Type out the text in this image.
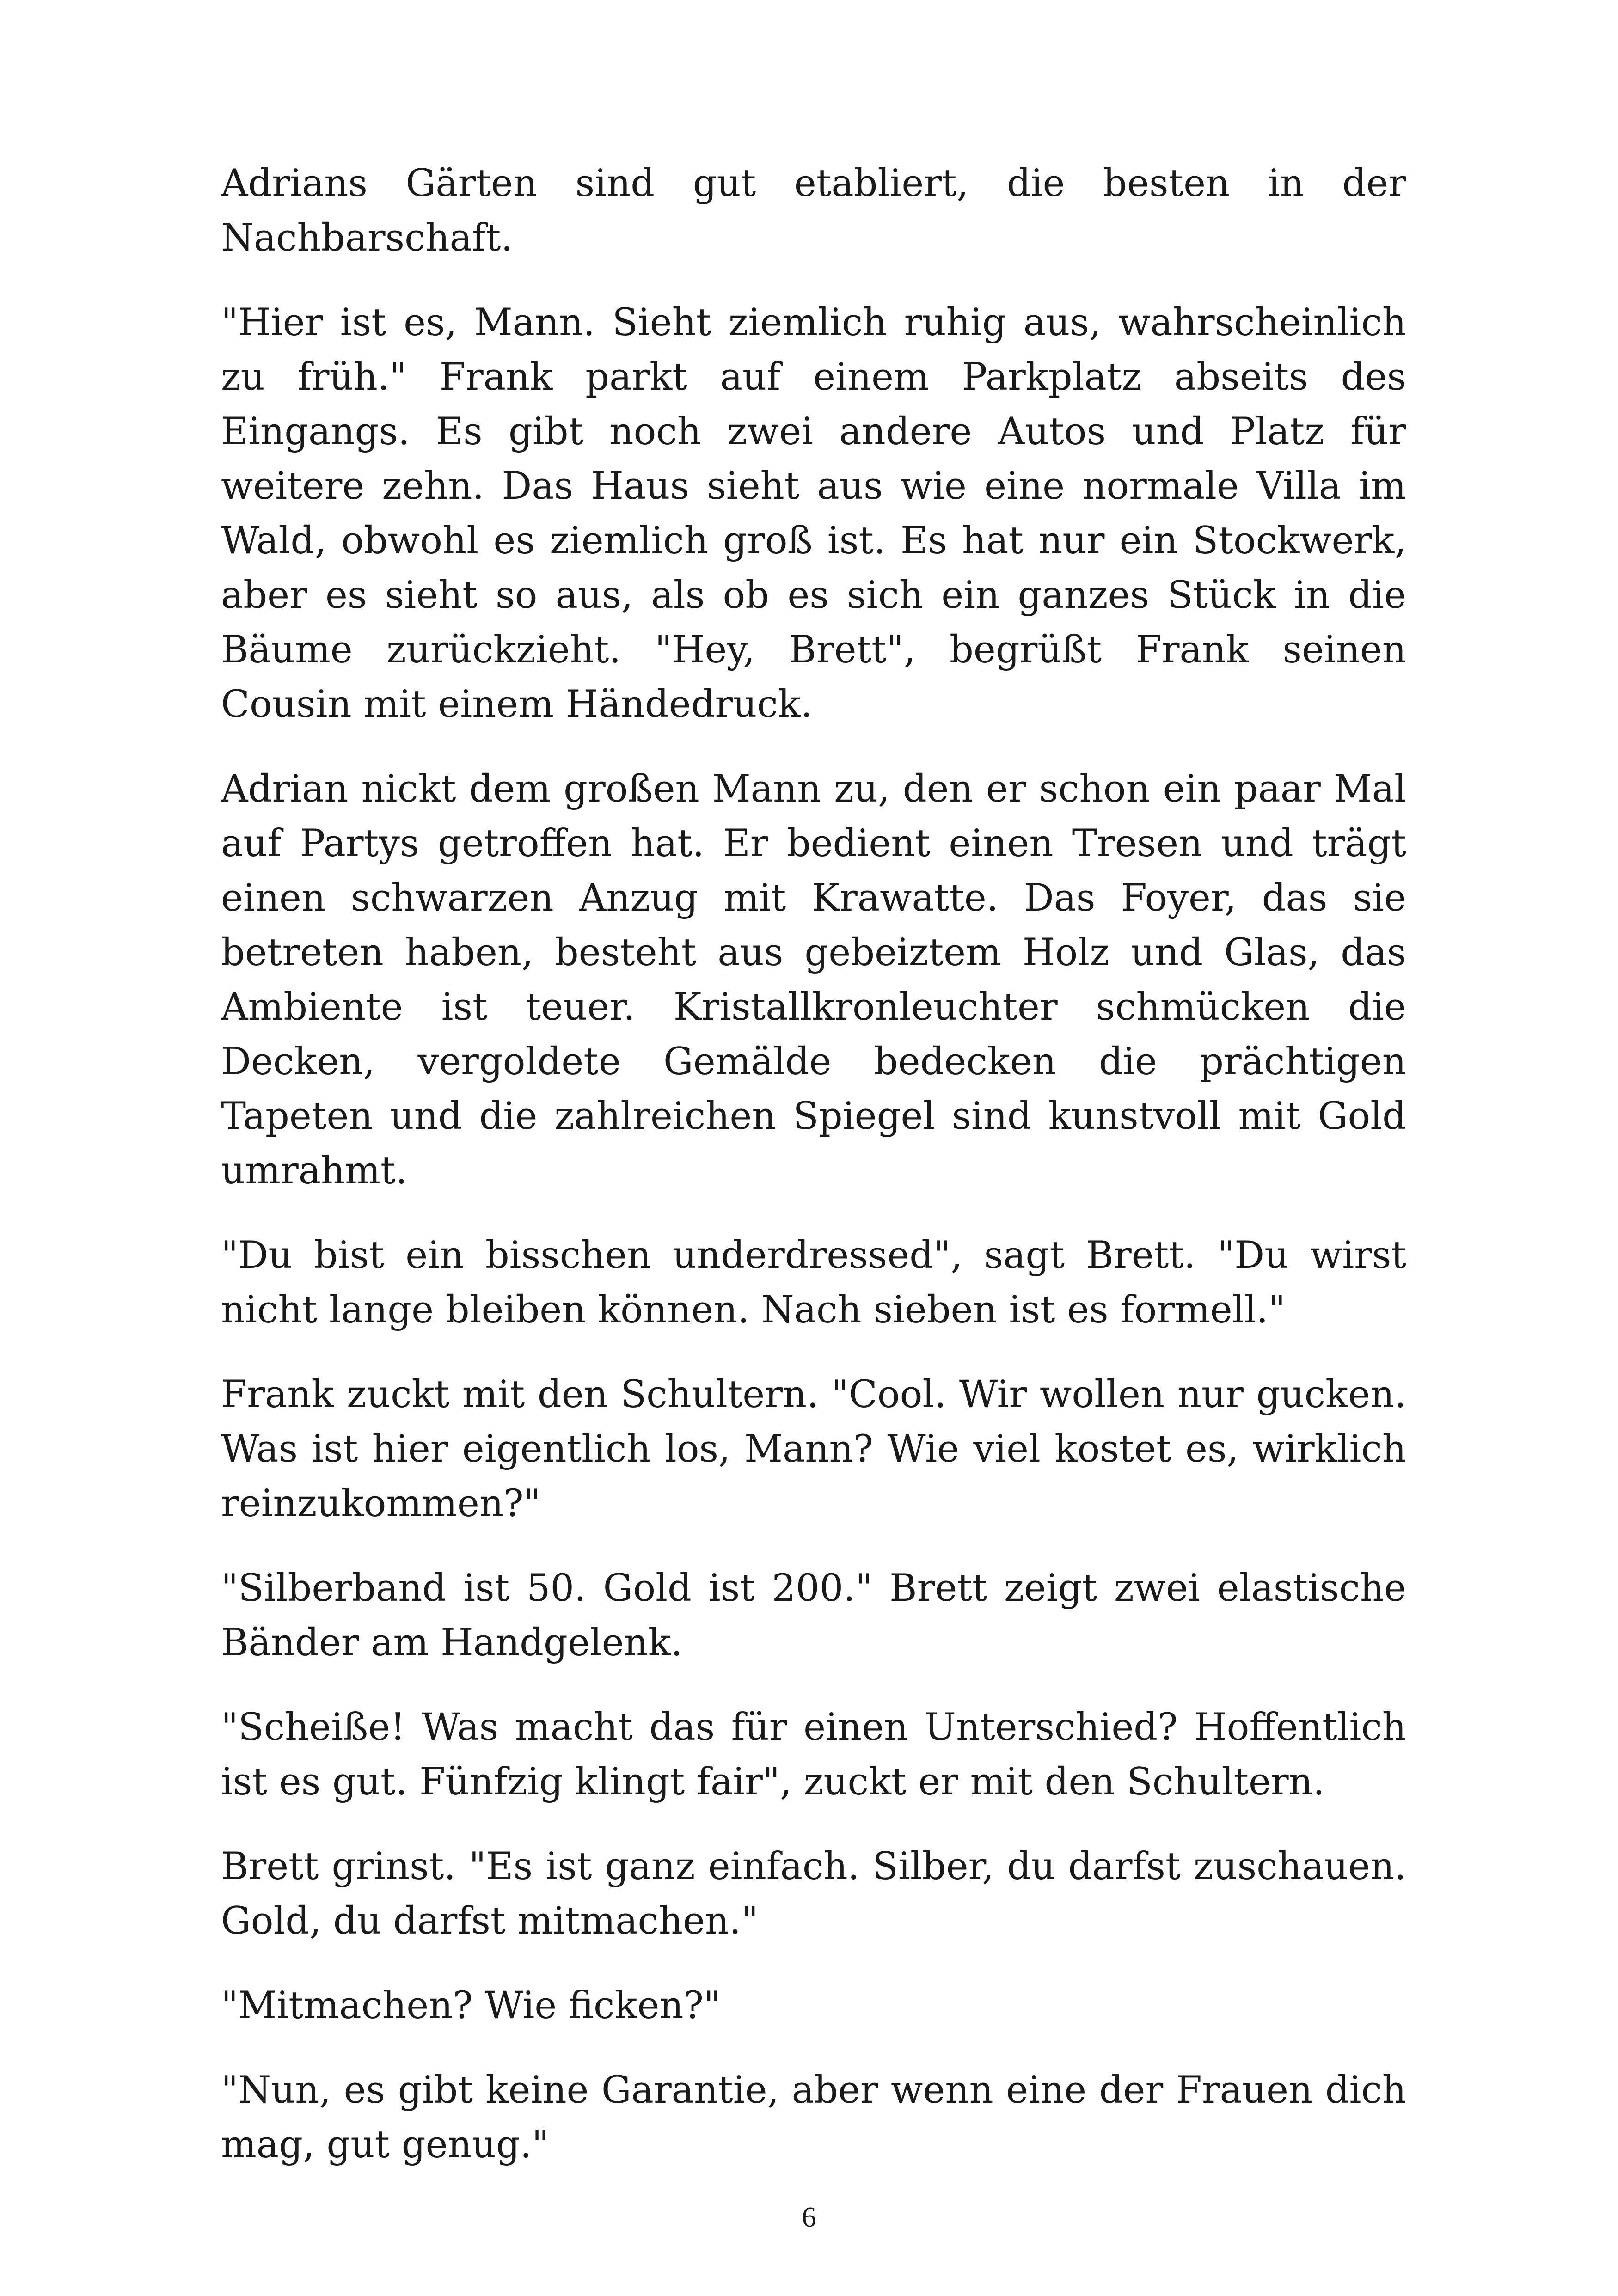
Adrians Gärten sind gut etabliert, die besten in der Nachbarschaft.

"Hier ist es, Mann. Sieht ziemlich ruhig aus, wahrscheinlich zu früh." Frank parkt auf einem Parkplatz abseits des Eingangs. Es gibt noch zwei andere Autos und Platz für weitere zehn. Das Haus sieht aus wie eine normale Villa im Wald, obwohl es ziemlich groß ist. Es hat nur ein Stockwerk, aber es sieht so aus, als ob es sich ein ganzes Stück in die Bäume zurückzieht. "Hey, Brett", begrüßt Frank seinen Cousin mit einem Händedruck.

Adrian nickt dem großen Mann zu, den er schon ein paar Mal auf Partys getroffen hat. Er bedient einen Tresen und trägt einen schwarzen Anzug mit Krawatte. Das Foyer, das sie betreten haben, besteht aus gebeiztem Holz und Glas, das Ambiente ist teuer. Kristallkronleuchter schmücken die Decken, vergoldete Gemälde bedecken die prächtigen Tapeten und die zahlreichen Spiegel sind kunstvoll mit Gold umrahmt.

"Du bist ein bisschen underdressed", sagt Brett. "Du wirst nicht lange bleiben können. Nach sieben ist es formell."

Frank zuckt mit den Schultern. "Cool. Wir wollen nur gucken. Was ist hier eigentlich los, Mann? Wie viel kostet es, wirklich reinzukommen?"

"Silberband ist 50. Gold ist 200." Brett zeigt zwei elastische Bänder am Handgelenk.

"Scheiße! Was macht das für einen Unterschied? Hoffentlich ist es gut. Fünfzig klingt fair", zuckt er mit den Schultern.

Brett grinst. "Es ist ganz einfach. Silber, du darfst zuschauen. Gold, du darfst mitmachen."

"Mitmachen? Wie ficken?"

"Nun, es gibt keine Garantie, aber wenn eine der Frauen dich mag, gut genug."

6
